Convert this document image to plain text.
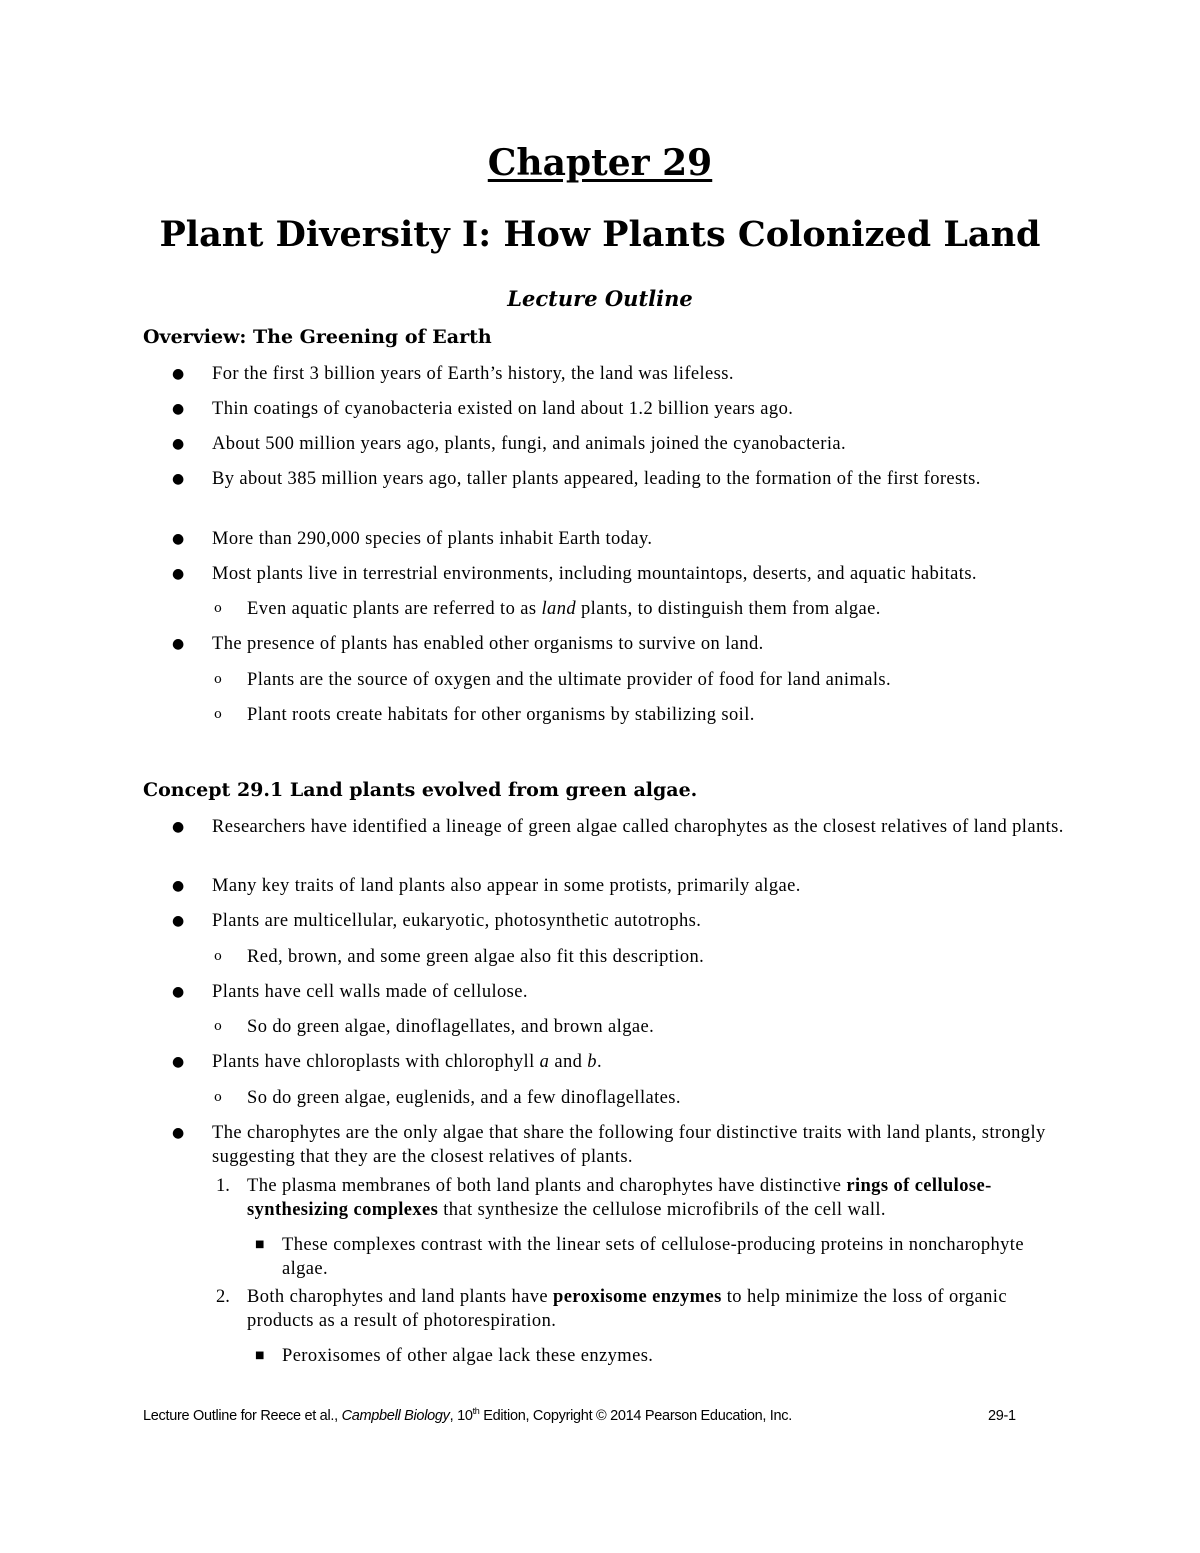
Chapter 29
Plant Diversity I: How Plants Colonized Land
Lecture Outline
Overview: The Greening of Earth
● For the first 3 billion years of Earth’s history, the land was lifeless.
● Thin coatings of cyanobacteria existed on land about 1.2 billion years ago.
● About 500 million years ago, plants, fungi, and animals joined the cyanobacteria.
● By about 385 million years ago, taller plants appeared, leading to the formation of the first forests.
● More than 290,000 species of plants inhabit Earth today.
● Most plants live in terrestrial environments, including mountaintops, deserts, and aquatic habitats.
o Even aquatic plants are referred to as land plants, to distinguish them from algae.
● The presence of plants has enabled other organisms to survive on land.
o Plants are the source of oxygen and the ultimate provider of food for land animals.
o Plant roots create habitats for other organisms by stabilizing soil.
Concept 29.1 Land plants evolved from green algae.
● Researchers have identified a lineage of green algae called charophytes as the closest relatives of land plants.
● Many key traits of land plants also appear in some protists, primarily algae.
● Plants are multicellular, eukaryotic, photosynthetic autotrophs.
o Red, brown, and some green algae also fit this description.
● Plants have cell walls made of cellulose.
o So do green algae, dinoflagellates, and brown algae.
● Plants have chloroplasts with chlorophyll a and b.
o So do green algae, euglenids, and a few dinoflagellates.
● The charophytes are the only algae that share the following four distinctive traits with land plants, strongly suggesting that they are the closest relatives of plants.
1. The plasma membranes of both land plants and charophytes have distinctive rings of cellulose-synthesizing complexes that synthesize the cellulose microfibrils of the cell wall.
■ These complexes contrast with the linear sets of cellulose-producing proteins in noncharophyte algae.
2. Both charophytes and land plants have peroxisome enzymes to help minimize the loss of organic products as a result of photorespiration.
■ Peroxisomes of other algae lack these enzymes.
Lecture Outline for Reece et al., Campbell Biology, 10th Edition, Copyright © 2014 Pearson Education, Inc.	29-1
